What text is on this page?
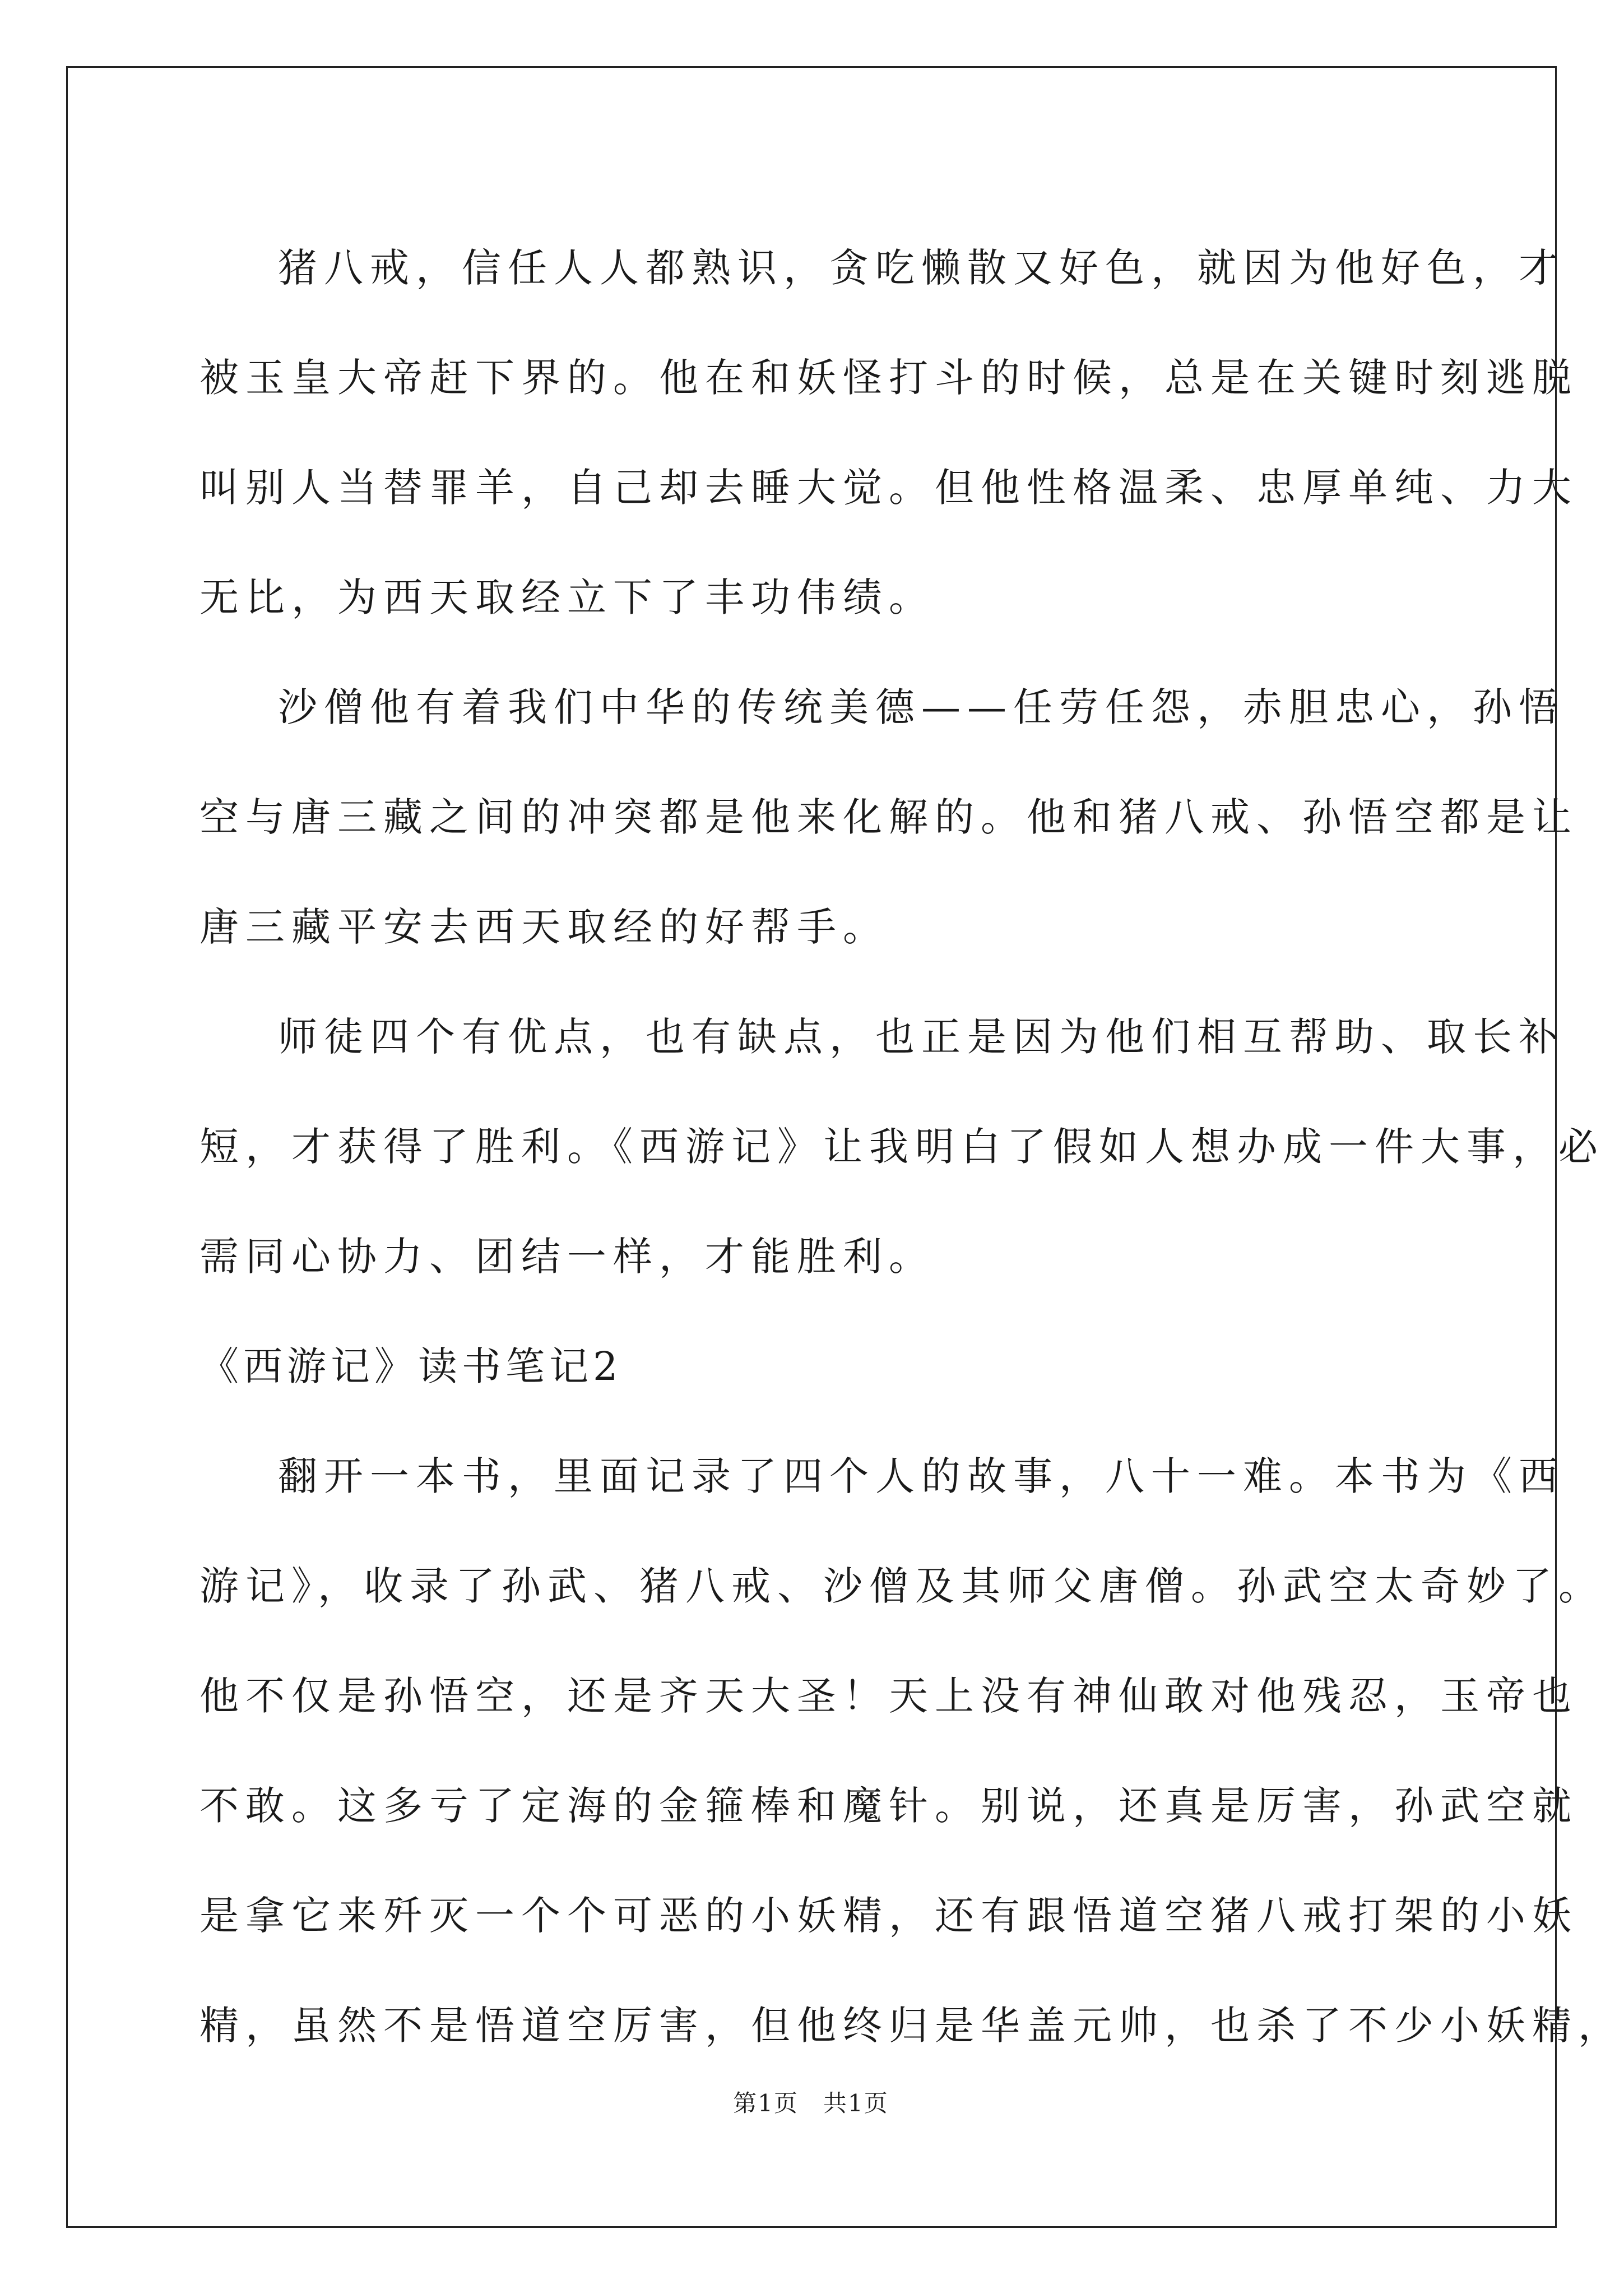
猪八戒，信任人人都熟识，贪吃懒散又好色，就因为他好色，才
被玉皇大帝赶下界的。他在和妖怪打斗的时候，总是在关键时刻逃脱
叫别人当替罪羊，自己却去睡大觉。但他性格温柔、忠厚单纯、力大
无比，为西天取经立下了丰功伟绩。
沙僧他有着我们中华的传统美德——任劳任怨，赤胆忠心，孙悟
空与唐三藏之间的冲突都是他来化解的。他和猪八戒、孙悟空都是让
唐三藏平安去西天取经的好帮手。
师徒四个有优点，也有缺点，也正是因为他们相互帮助、取长补
短，才获得了胜利。《西游记》让我明白了假如人想办成一件大事，必
需同心协力、团结一样，才能胜利。
《西游记》读书笔记2
翻开一本书，里面记录了四个人的故事，八十一难。本书为《西
游记》，收录了孙武、猪八戒、沙僧及其师父唐僧。孙武空太奇妙了。
他不仅是孙悟空，还是齐天大圣！天上没有神仙敢对他残忍，玉帝也
不敢。这多亏了定海的金箍棒和魔针。别说，还真是厉害，孙武空就
是拿它来歼灭一个个可恶的小妖精，还有跟悟道空猪八戒打架的小妖
精，虽然不是悟道空厉害，但他终归是华盖元帅，也杀了不少小妖精，
第1页　共1页
